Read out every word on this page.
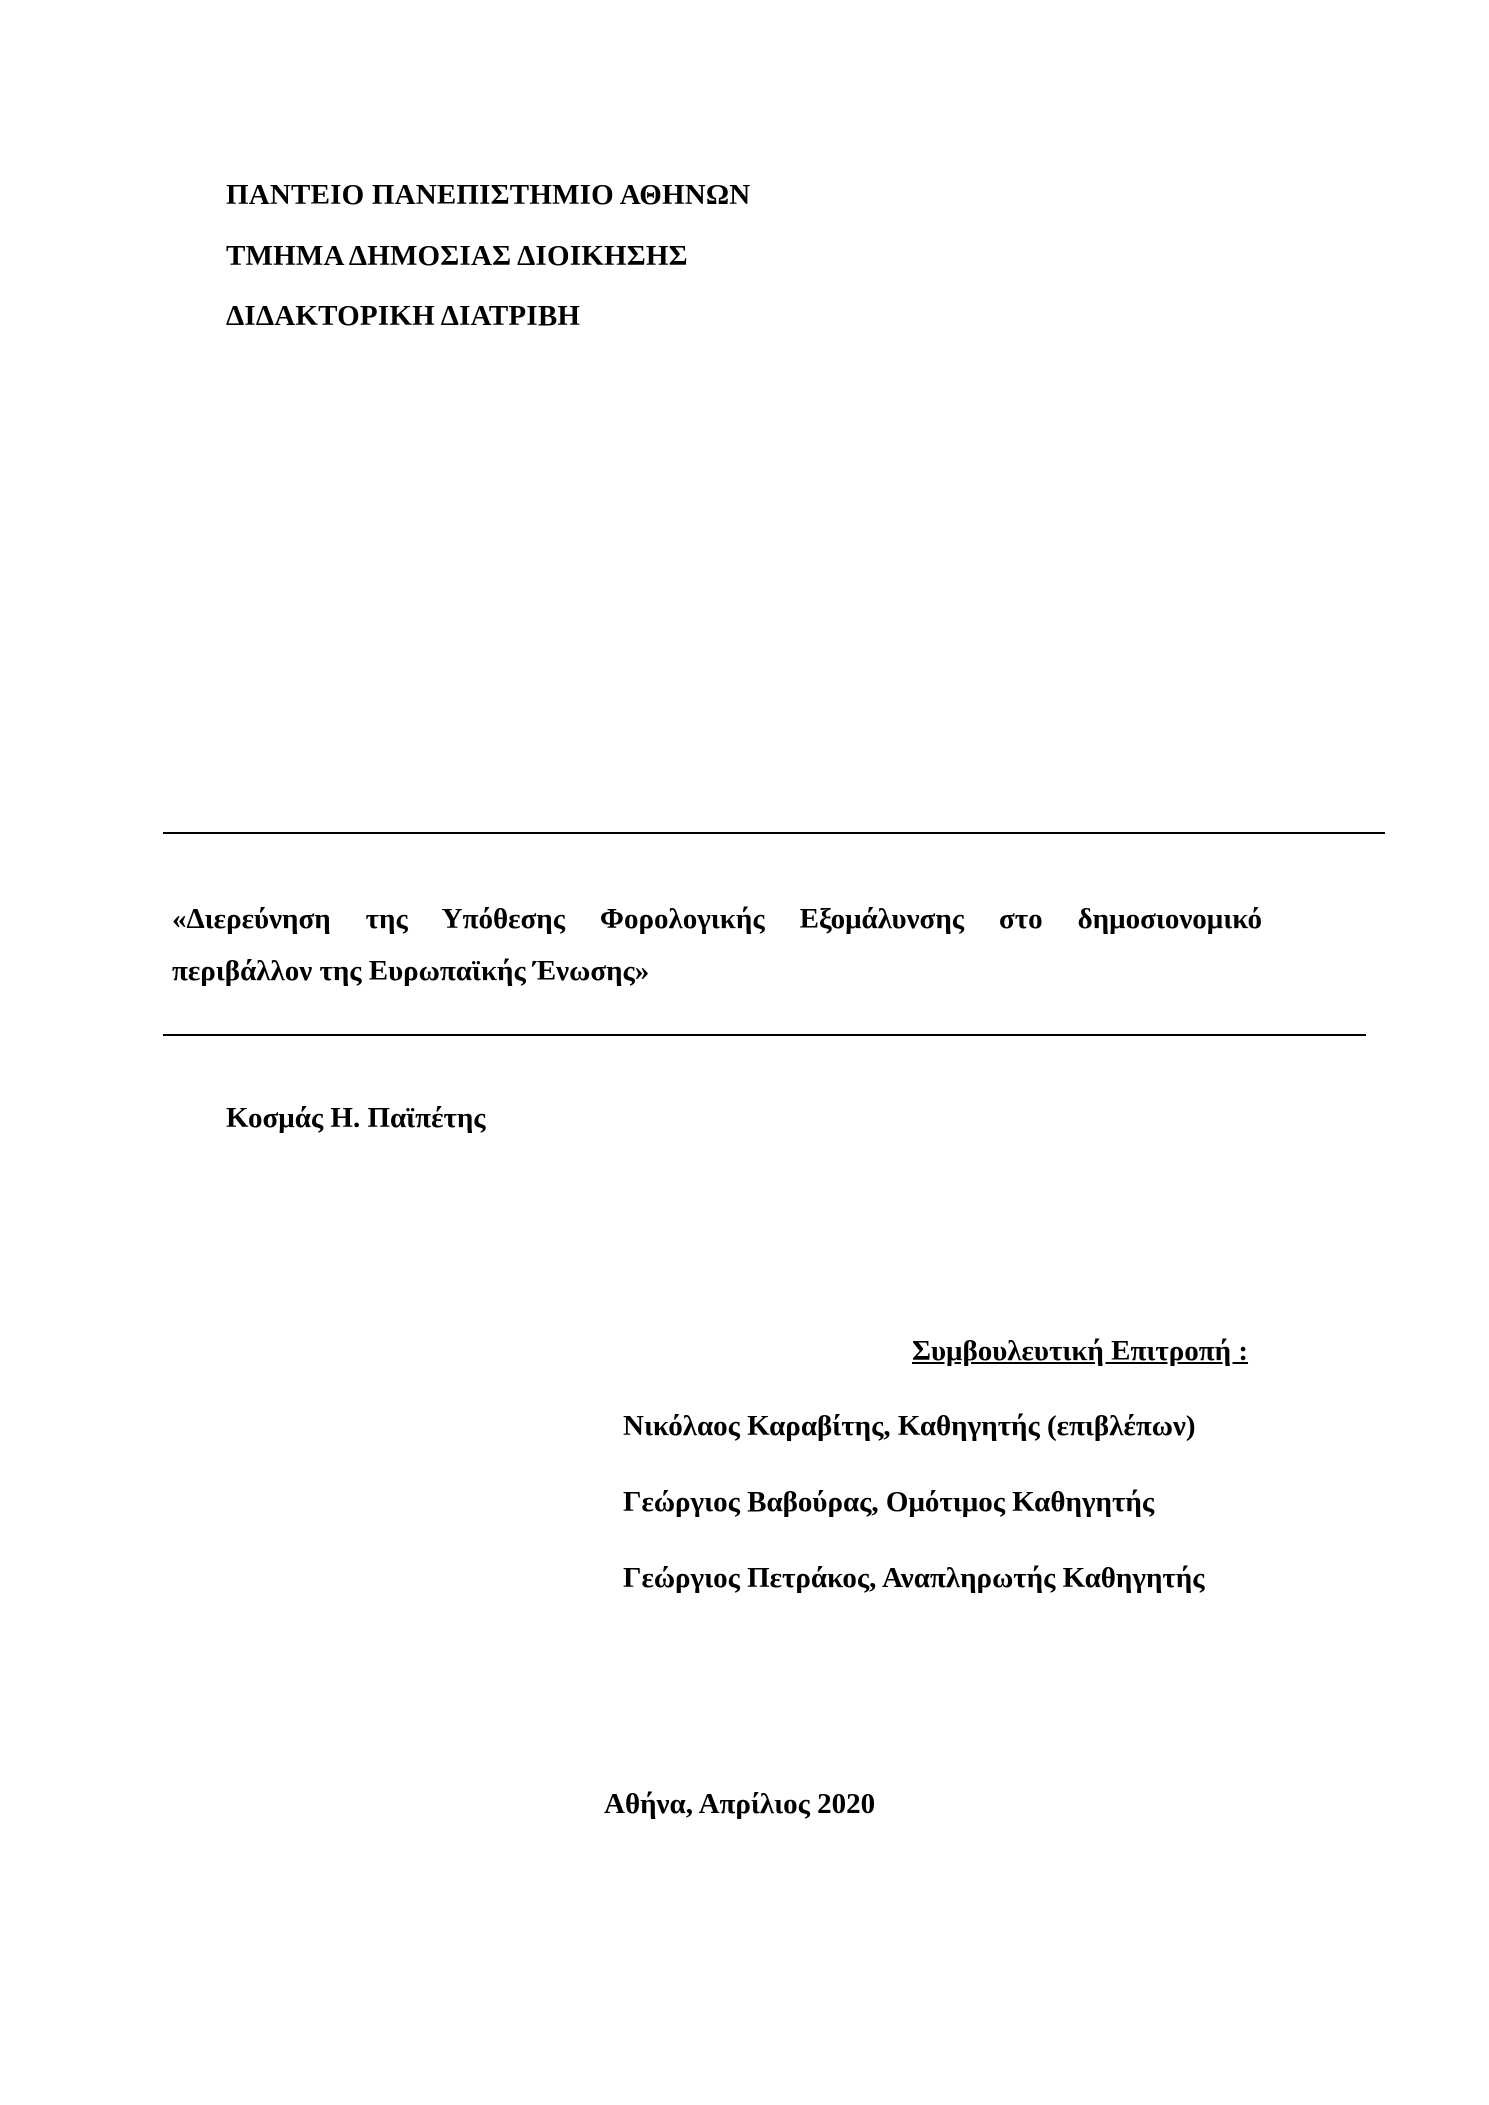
ΠΑΝΤΕΙΟ ΠΑΝΕΠΙΣΤΗΜΙΟ ΑΘΗΝΩΝ
ΤΜΗΜΑ ΔΗΜΟΣΙΑΣ ΔΙΟΙΚΗΣΗΣ
ΔΙΔΑΚΤΟΡΙΚΗ ΔΙΑΤΡΙΒΗ
«Διερεύνηση της Υπόθεσης Φορολογικής Εξομάλυνσης στο δημοσιονομικό
περιβάλλον της Ευρωπαϊκής Ένωσης»
Κοσμάς Η. Παϊπέτης
Συμβουλευτική Επιτροπή :
Νικόλαος Καραβίτης, Καθηγητής (επιβλέπων)
Γεώργιος Βαβούρας, Ομότιμος Καθηγητής
Γεώργιος Πετράκος, Αναπληρωτής Καθηγητής
Αθήνα, Απρίλιος 2020
